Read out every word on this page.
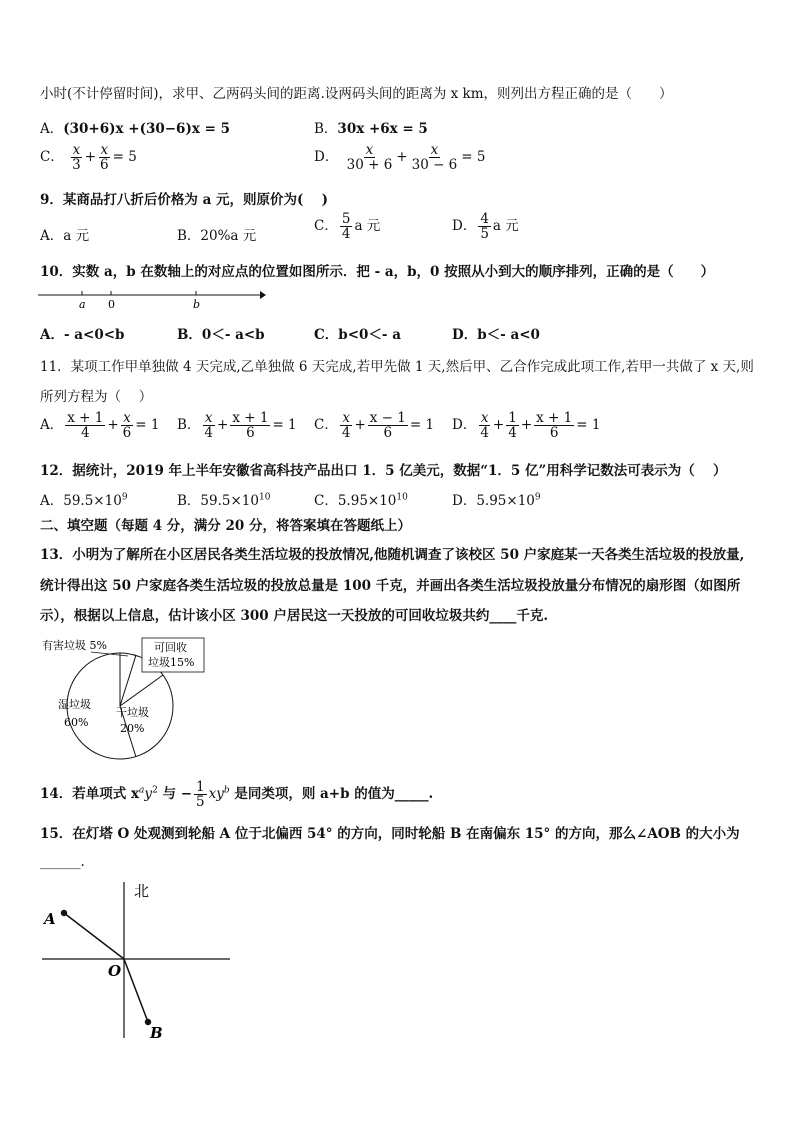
小时(不计停留时间)，求甲、乙两码头间的距离.设两码头间的距离为 x km，则列出方程正确的是（　　）
A．(30+6)x +(30−6)x = 5	B．30x +6x = 5
C． $\frac{x}{3} + \frac{x}{6} = 5$	D． $\frac{x}{30 + 6} + \frac{x}{30 - 6} = 5$
9．某商品打八折后价格为 a 元，则原价为(　 )
A．a 元	B．20%a 元
C． $\frac{5}{4}$ a 元	D． $\frac{4}{5}$ a 元
10．实数 a，b 在数轴上的对应点的位置如图所示．把 - a，b，0 按照从小到大的顺序排列，正确的是（　　）
a 0	b
A．- a<0<b	B．0＜- a<b	C．b<0＜- a	D．b＜- a<0
11．某项工作甲单独做 4 天完成,乙单独做 6 天完成,若甲先做 1 天,然后甲、乙合作完成此项工作,若甲一共做了 x 天,则
所列方程为（　 ）
A． $\frac{x + 1}{4} + \frac{x}{6} = 1$ B． $\frac{x}{4} + \frac{x + 1}{6} = 1$ C． $\frac{x}{4} + \frac{x - 1}{6} = 1$ D． $\frac{x}{4} + \frac{1}{4} + \frac{x + 1}{6} = 1$
12．据统计，2019 年上半年安徽省高科技产品出口 1．5 亿美元，数据“1．5 亿”用科学记数法可表示为（　 ）
A．$59.5\times 10^9$	B．$59.5\times 10^{10}$	C．$5.95\times 10^{10}$	D．$5.95\times 10^9$
二、填空题（每题 4 分，满分 20 分，将答案填在答题纸上）
13．小明为了解所在小区居民各类生活垃圾的投放情况,他随机调查了该校区 50 户家庭某一天各类生活垃圾的投放量,
统计得出这 50 户家庭各类生活垃圾的投放总量是 100 千克，并画出各类生活垃圾投放量分布情况的扇形图（如图所
示），根据以上信息，估计该小区 300 户居民这一天投放的可回收垃圾共约____千克.
有害垃圾 5%	可回收
垃圾15%
湿垃圾
60%
干垃圾
20%
14．若单项式 $x^ay^2$ 与 − $\frac{1}{5} xy^b$ 是同类项，则 a+b 的值为_____.
15．在灯塔 O 处观测到轮船 A 位于北偏西 54° 的方向，同时轮船 B 在南偏东 15° 的方向，那么∠AOB 的大小为
______.
北
A
O
B
